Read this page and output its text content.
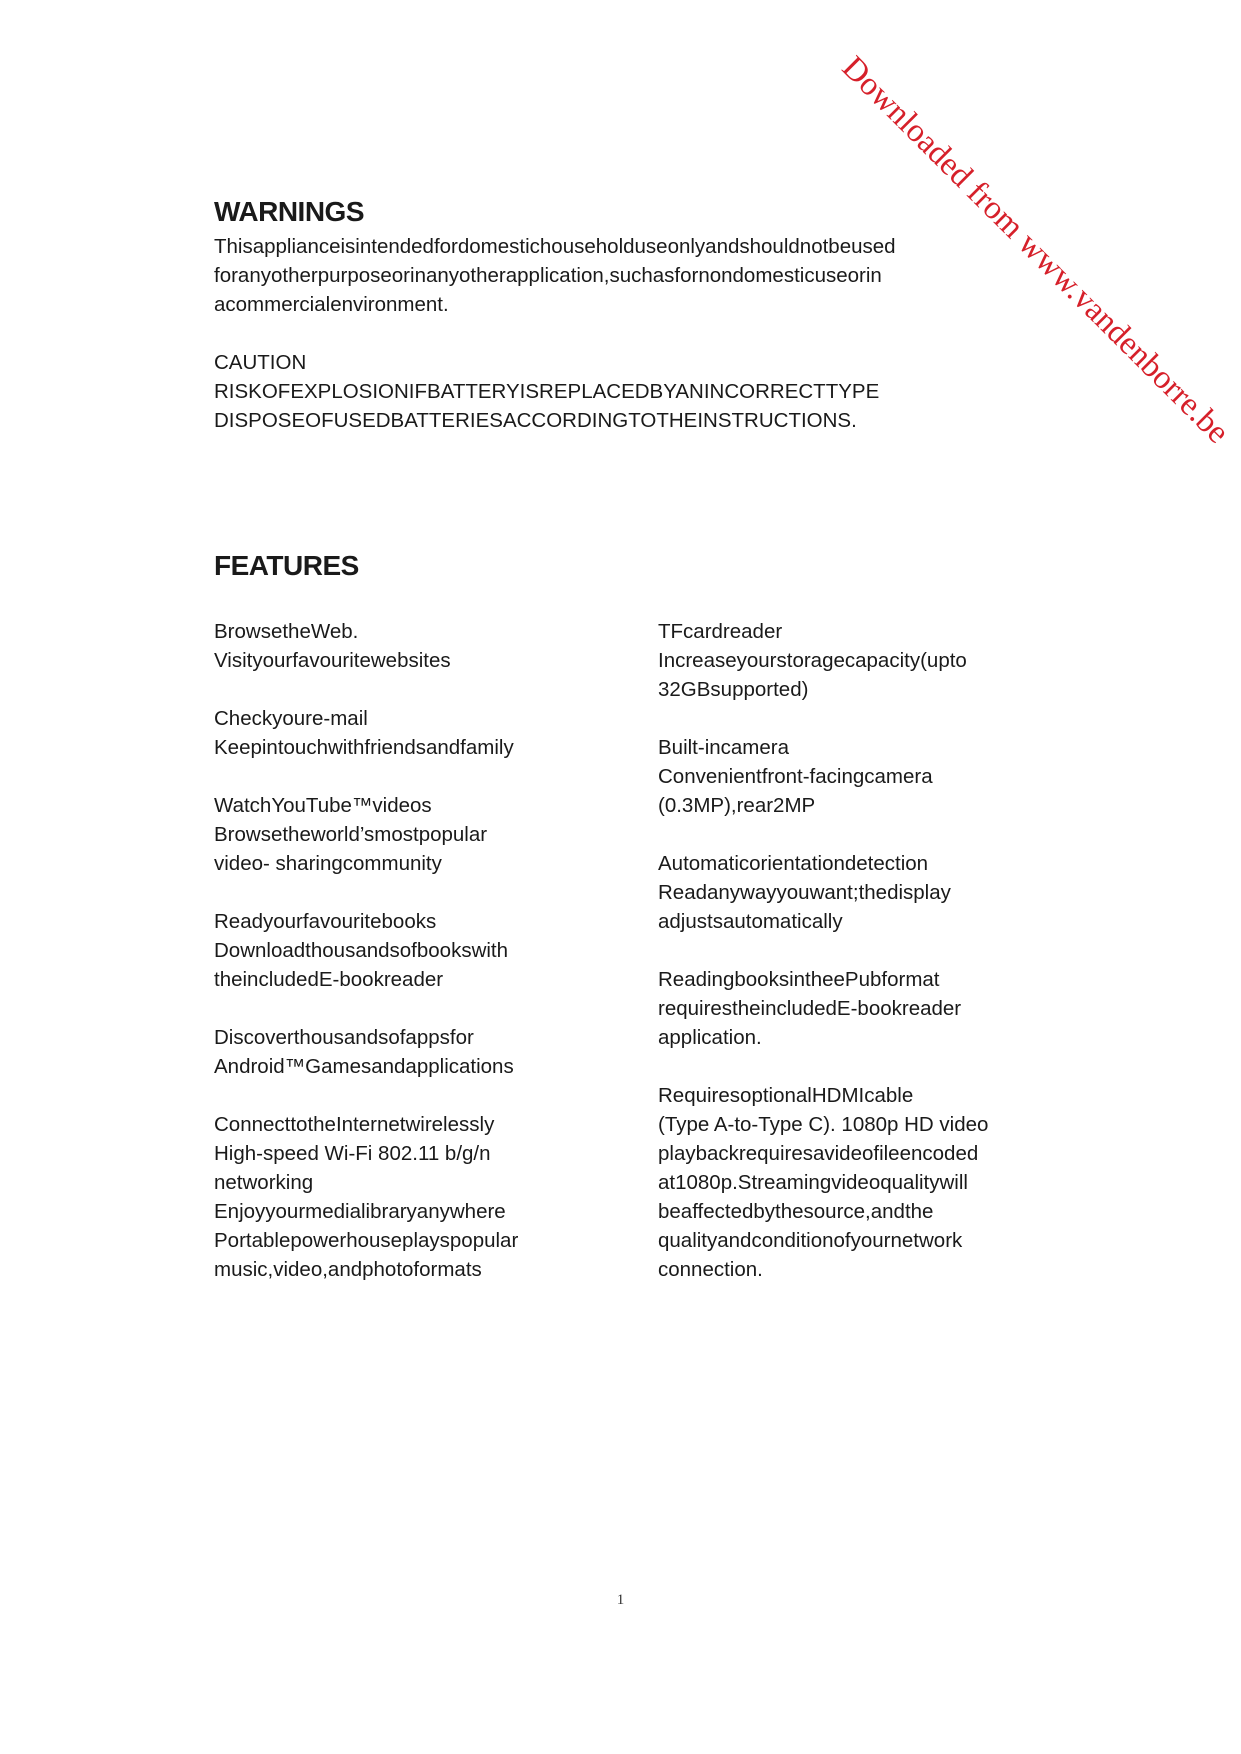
Downloaded from www.vandenborre.be
WARNINGS
Thisapplianceisintendedfordomestichouseholduseonlyandshouldnotbeused
foranyotherpurposeorinanyotherapplication,suchasfornondomesticuseorin
acommercialenvironment.
CAUTION
RISKOFEXPLOSIONIFBATTERYISREPLACEDBYANINCORRECTTYPE
DISPOSEOFUSEDBATTERIESACCORDINGTOTHEINSTRUCTIONS.
FEATURES
BrowsetheWeb.
Visityourfavouritewebsites
Checkyoure-mail
Keepintouchwithfriendsandfamily
WatchYouTube™videos
Browsetheworld’smostpopular
video- sharingcommunity
Readyourfavouritebooks
Downloadthousandsofbookswith
theincludedE-bookreader
Discoverthousandsofappsfor
Android™Gamesandapplications
ConnecttotheInternetwirelessly
High-speed Wi-Fi 802.11 b/g/n
networking
Enjoyyourmedialibraryanywhere
Portablepowerhouseplayspopular
music,video,andphotoformats
TFcardreader
Increaseyourstoragecapacity(upto
32GBsupported)
Built-incamera
Convenientfront-facingcamera
(0.3MP),rear2MP
Automaticorientationdetection
Readanywayyouwant;thedisplay
adjustsautomatically
ReadingbooksintheePubformat
requirestheincludedE-bookreader
application.
RequiresoptionalHDMIcable
(Type A-to-Type C). 1080p HD video
playbackrequiresavideofileencoded
at1080p.Streamingvideoqualitywill
beaffectedbythesource,andthe
qualityandconditionofyournetwork
connection.
1
